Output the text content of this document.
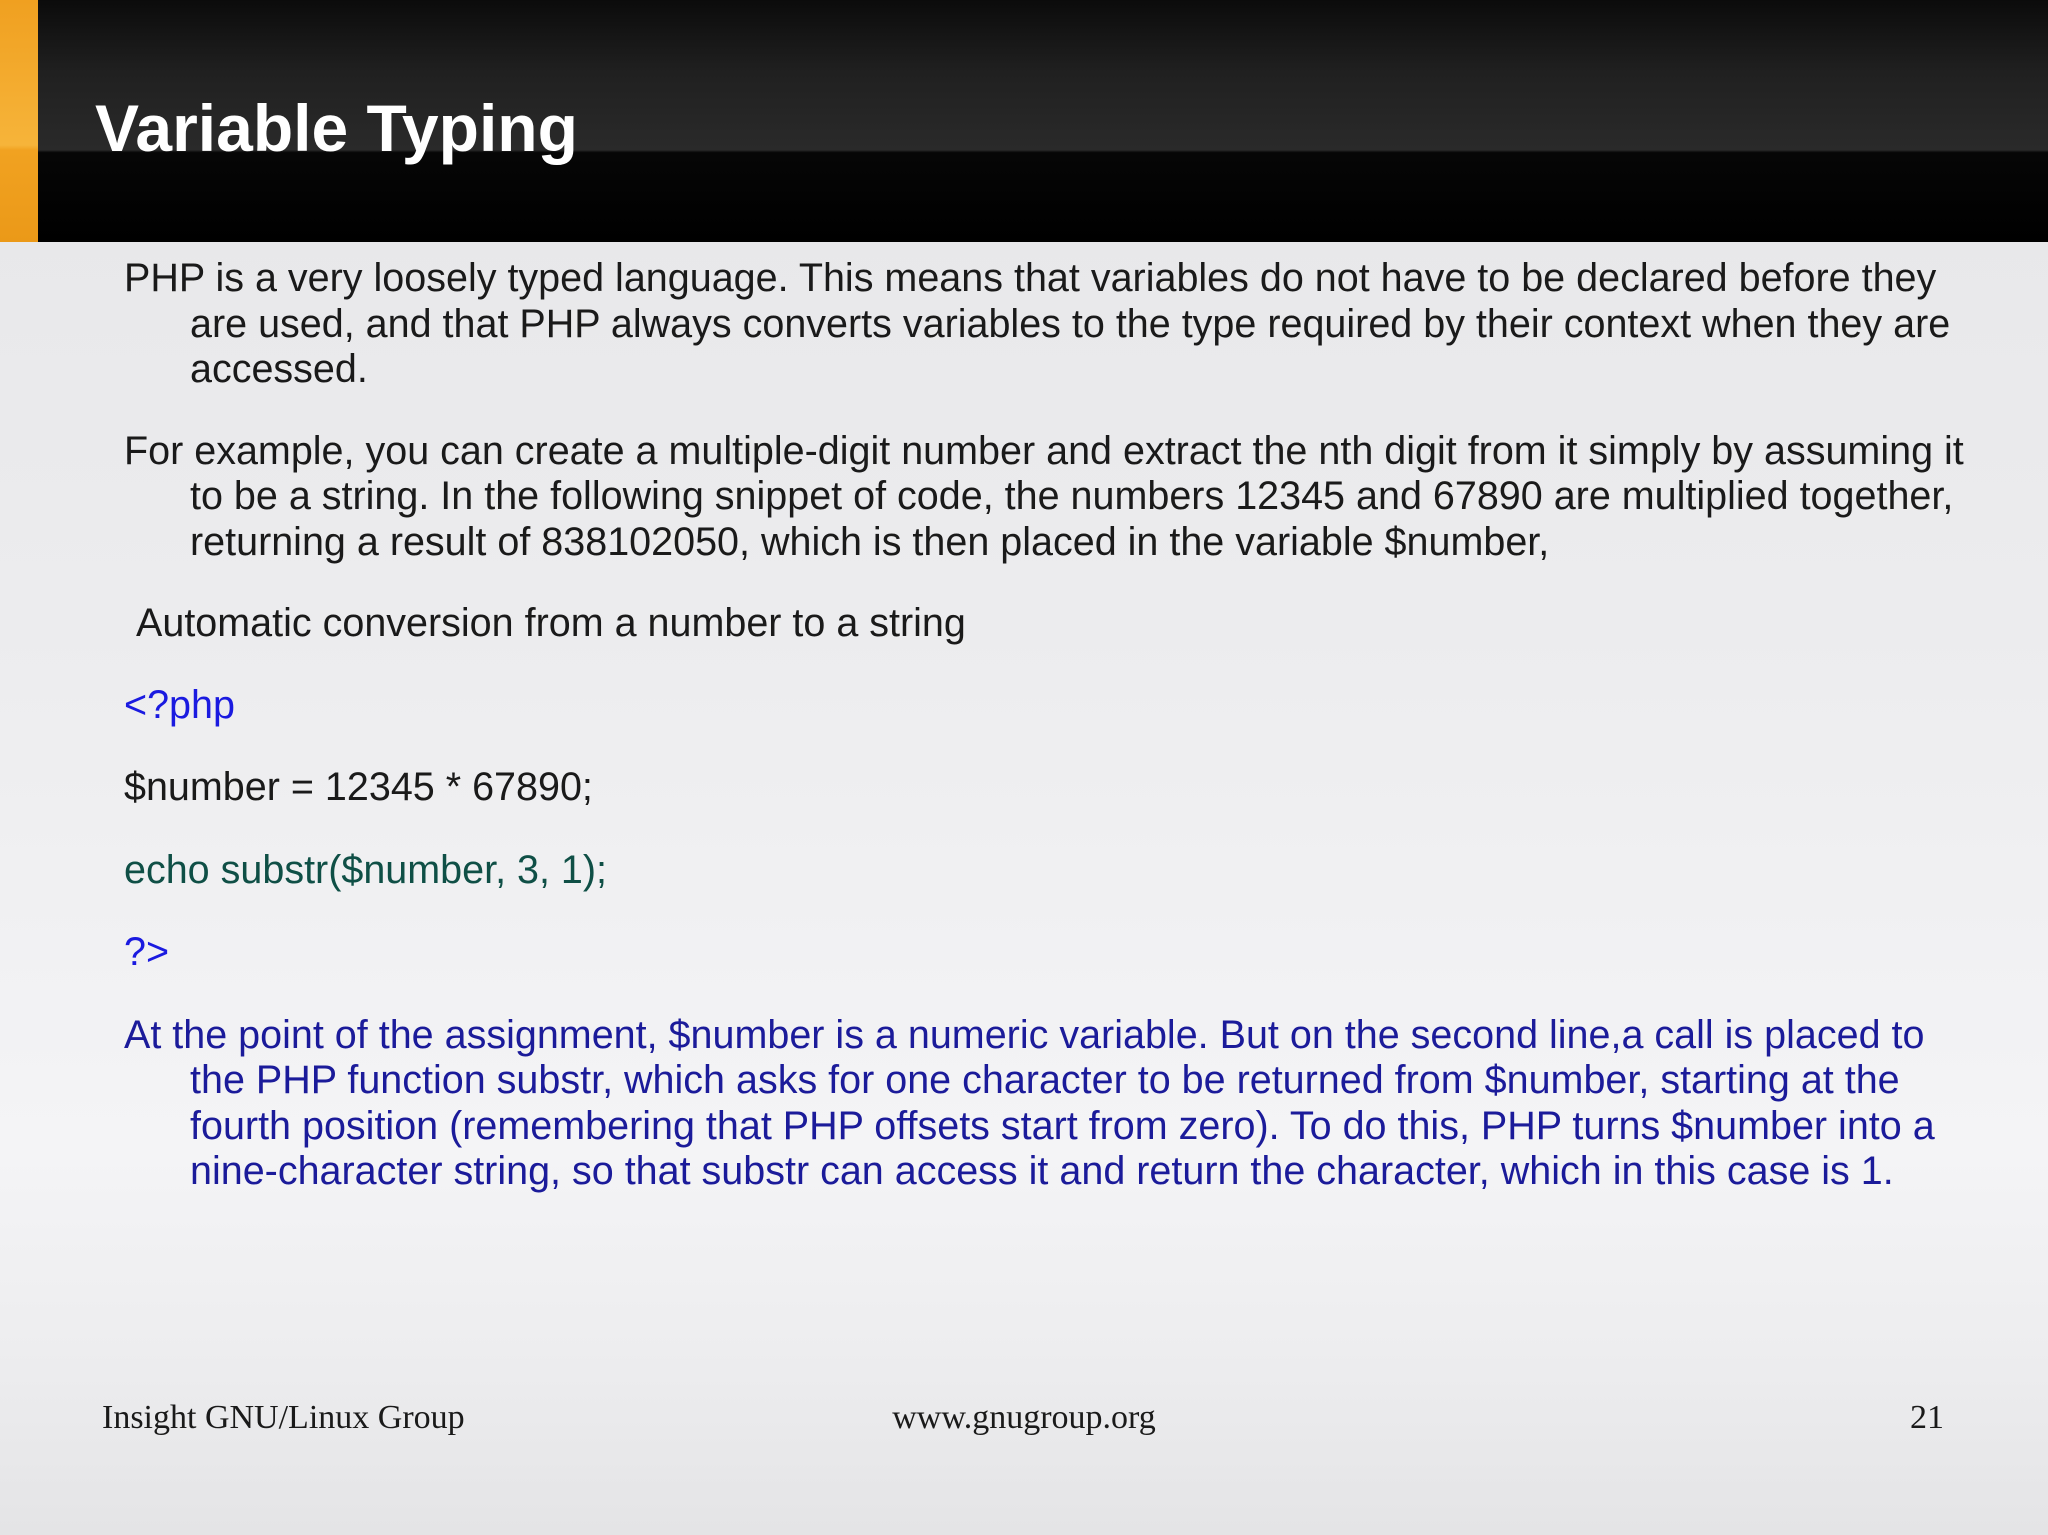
Variable Typing

PHP is a very loosely typed language. This means that variables do not have to be declared before they are used, and that PHP always converts variables to the type required by their context when they are accessed.

For example, you can create a multiple-digit number and extract the nth digit from it simply by assuming it to be a string. In the following snippet of code, the numbers 12345 and 67890 are multiplied together, returning a result of 838102050, which is then placed in the variable $number,

Automatic conversion from a number to a string

<?php

$number = 12345 * 67890;

echo substr($number, 3, 1);

?>

At the point of the assignment, $number is a numeric variable. But on the second line,a call is placed to the PHP function substr, which asks for one character to be returned from $number, starting at the fourth position (remembering that PHP offsets start from zero). To do this, PHP turns $number into a nine-character string, so that substr can access it and return the character, which in this case is 1.

Insight GNU/Linux Group	www.gnugroup.org	21
